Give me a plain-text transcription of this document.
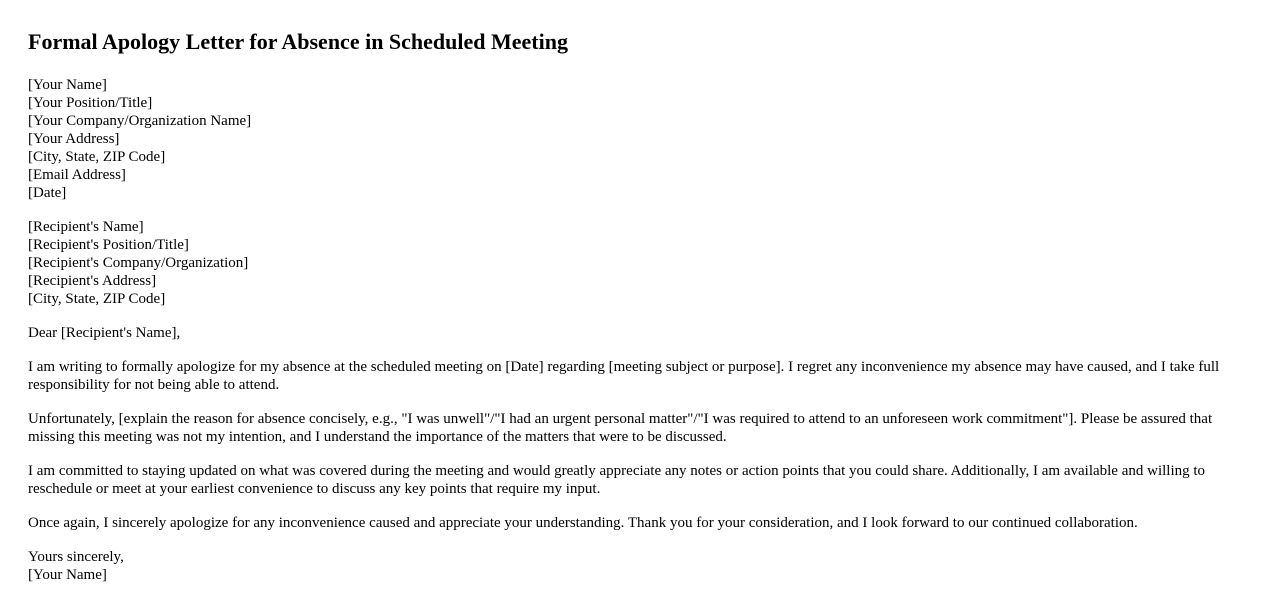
Formal Apology Letter for Absence in Scheduled Meeting
[Your Name]
[Your Position/Title]
[Your Company/Organization Name]
[Your Address]
[City, State, ZIP Code]
[Email Address]
[Date]
[Recipient's Name]
[Recipient's Position/Title]
[Recipient's Company/Organization]
[Recipient's Address]
[City, State, ZIP Code]

Dear [Recipient's Name],

I am writing to formally apologize for my absence at the scheduled meeting on [Date] regarding [meeting subject or purpose]. I regret any inconvenience my absence may have caused, and I take full responsibility for not being able to attend.

Unfortunately, [explain the reason for absence concisely, e.g., "I was unwell"/"I had an urgent personal matter"/"I was required to attend to an unforeseen work commitment"]. Please be assured that missing this meeting was not my intention, and I understand the importance of the matters that were to be discussed.

I am committed to staying updated on what was covered during the meeting and would greatly appreciate any notes or action points that you could share. Additionally, I am available and willing to reschedule or meet at your earliest convenience to discuss any key points that require my input.

Once again, I sincerely apologize for any inconvenience caused and appreciate your understanding. Thank you for your consideration, and I look forward to our continued collaboration.

Yours sincerely,
[Your Name]
